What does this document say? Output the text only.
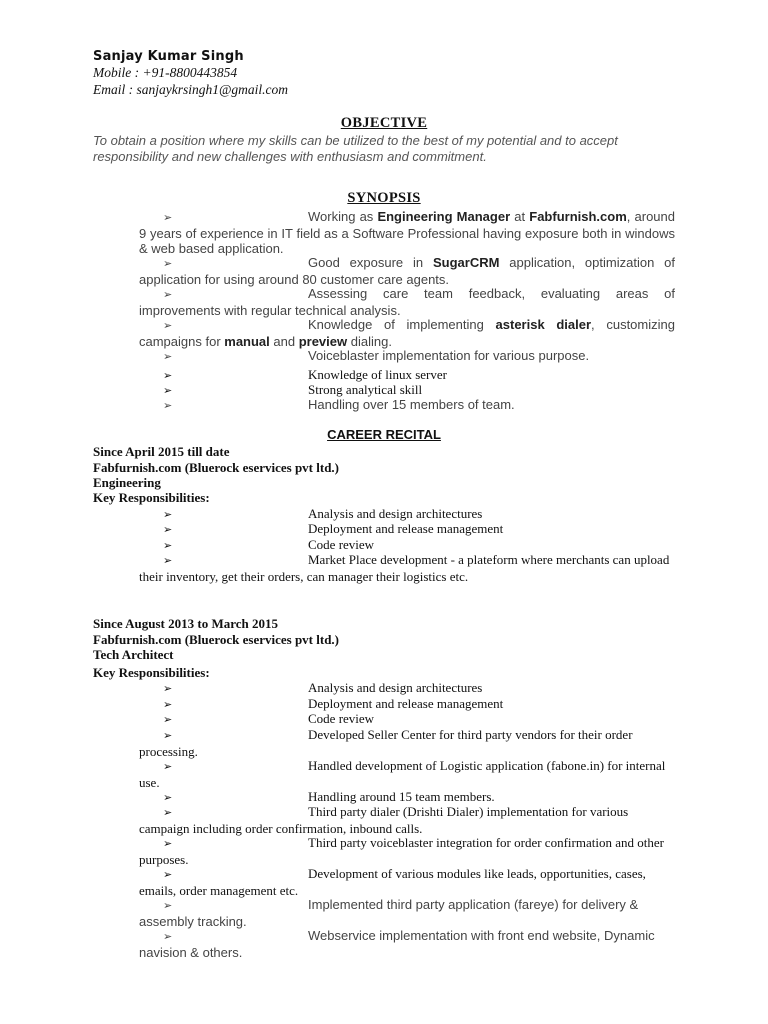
Sanjay Kumar Singh

Mobile : +91-8800443854

Email : sanjaykrsingh1@gmail.com

OBJECTIVE

To obtain a position where my skills can be utilized to the best of my potential and to accept responsibility and new challenges with enthusiasm and commitment.

SYNOPSIS
➢	Working as Engineering Manager at Fabfurnish.com, around 9 years of experience in IT field as a Software Professional having exposure both in windows & web based application.
➢	Good exposure in SugarCRM application, optimization of application for using around 80 customer care agents.
➢	Assessing care team feedback, evaluating areas of improvements with regular technical analysis.
➢	Knowledge of implementing asterisk dialer, customizing campaigns for manual and preview dialing.
➢	Voiceblaster implementation for various purpose.
➢	Knowledge of linux server
➢	Strong analytical skill
➢	Handling over 15 members of team.
CAREER RECITAL

Since April 2015 till date

Fabfurnish.com (Bluerock eservices pvt ltd.)

Engineering

Key Responsibilities:

➢	Analysis and design architectures
➢	Deployment and release management
➢	Code review
➢	Market Place development - a plateform where merchants can upload their inventory, get their orders, can manager their logistics etc.

Since August 2013 to March 2015

Fabfurnish.com (Bluerock eservices pvt ltd.)

Tech Architect

Key Responsibilities:

➢	Analysis and design architectures
➢	Deployment and release management
➢	Code review
➢	Developed Seller Center for third party vendors for their order processing.
➢	Handled development of Logistic application (fabone.in) for internal use.
➢	Handling around 15 team members.
➢	Third party dialer (Drishti Dialer) implementation for various campaign including order confirmation, inbound calls.
➢	Third party voiceblaster integration for order confirmation and other purposes.
➢	Development of various modules like leads, opportunities, cases, emails, order management etc.
➢	Implemented third party application (fareye) for delivery & assembly tracking.
➢	Webservice implementation with front end website, Dynamic navision & others.
